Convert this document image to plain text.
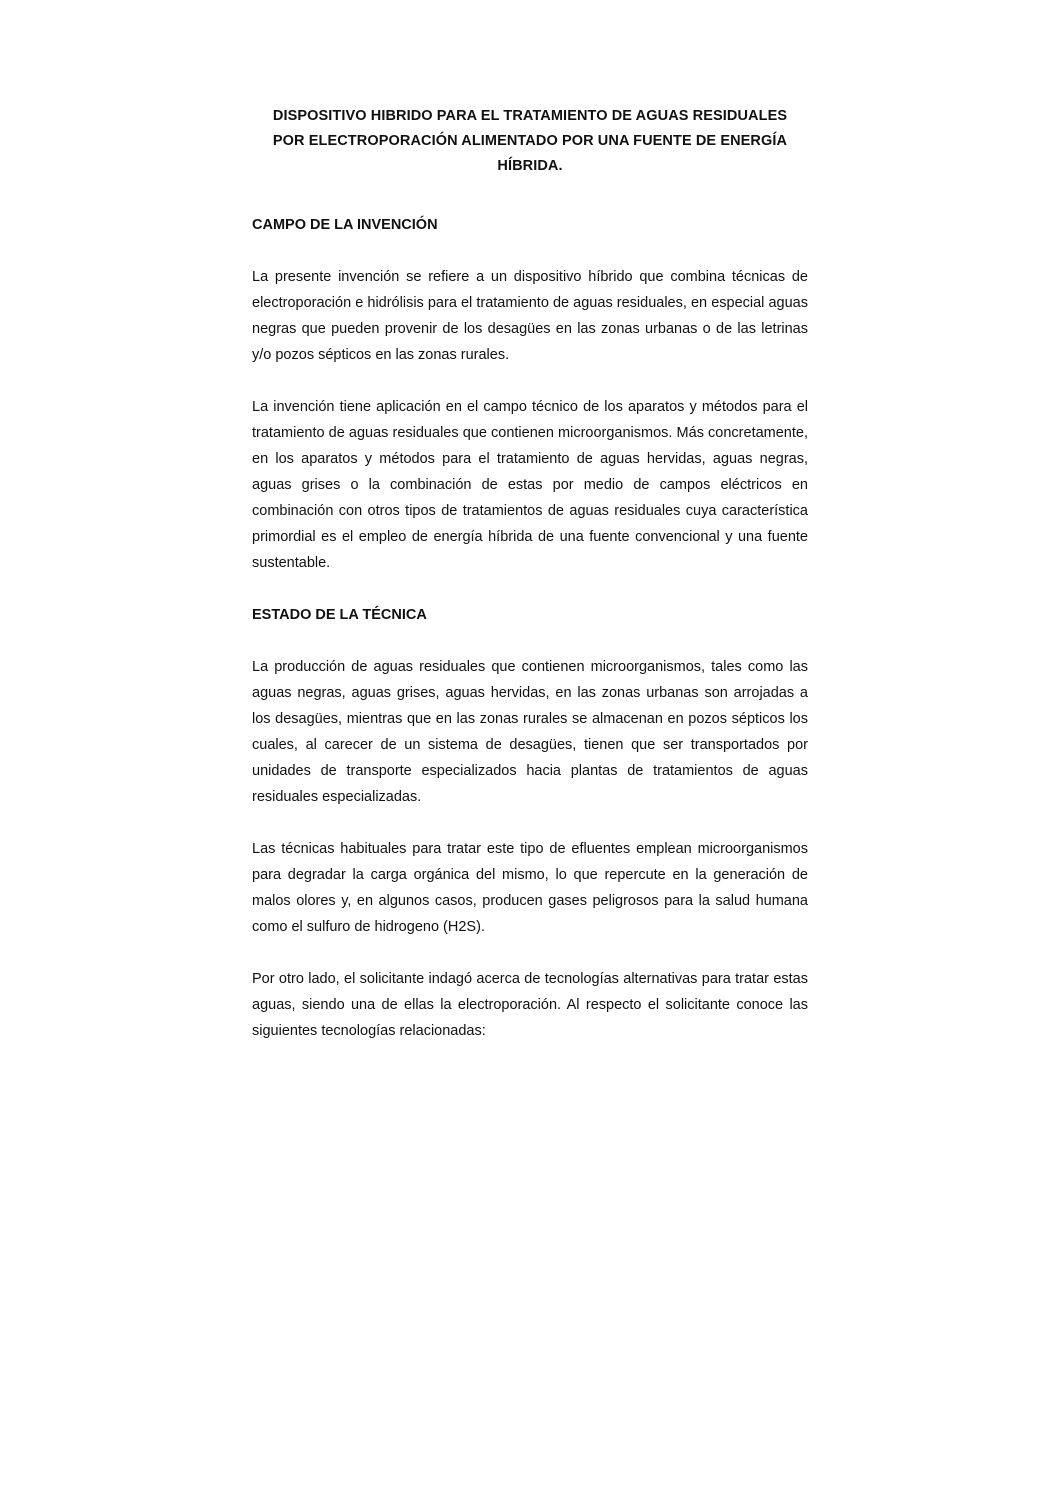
DISPOSITIVO HIBRIDO PARA EL TRATAMIENTO DE AGUAS RESIDUALES
POR ELECTROPORACIÓN ALIMENTADO POR UNA FUENTE DE ENERGÍA
HÍBRIDA.
CAMPO DE LA INVENCIÓN

La presente invención se refiere a un dispositivo híbrido que combina técnicas de electroporación e hidrólisis para el tratamiento de aguas residuales, en especial aguas negras que pueden provenir de los desagües en las zonas urbanas o de las letrinas y/o pozos sépticos en las zonas rurales.

La invención tiene aplicación en el campo técnico de los aparatos y métodos para el tratamiento de aguas residuales que contienen microorganismos. Más concretamente, en los aparatos y métodos para el tratamiento de aguas hervidas, aguas negras, aguas grises o la combinación de estas por medio de campos eléctricos en combinación con otros tipos de tratamientos de aguas residuales cuya característica primordial es el empleo de energía híbrida de una fuente convencional y una fuente sustentable.

ESTADO DE LA TÉCNICA

La producción de aguas residuales que contienen microorganismos, tales como las aguas negras, aguas grises, aguas hervidas, en las zonas urbanas son arrojadas a los desagües, mientras que en las zonas rurales se almacenan en pozos sépticos los cuales, al carecer de un sistema de desagües, tienen que ser transportados por unidades de transporte especializados hacia plantas de tratamientos de aguas residuales especializadas.

Las técnicas habituales para tratar este tipo de efluentes emplean microorganismos para degradar la carga orgánica del mismo, lo que repercute en la generación de malos olores y, en algunos casos, producen gases peligrosos para la salud humana como el sulfuro de hidrogeno (H2S).

Por otro lado, el solicitante indagó acerca de tecnologías alternativas para tratar estas aguas, siendo una de ellas la electroporación. Al respecto el solicitante conoce las siguientes tecnologías relacionadas:
